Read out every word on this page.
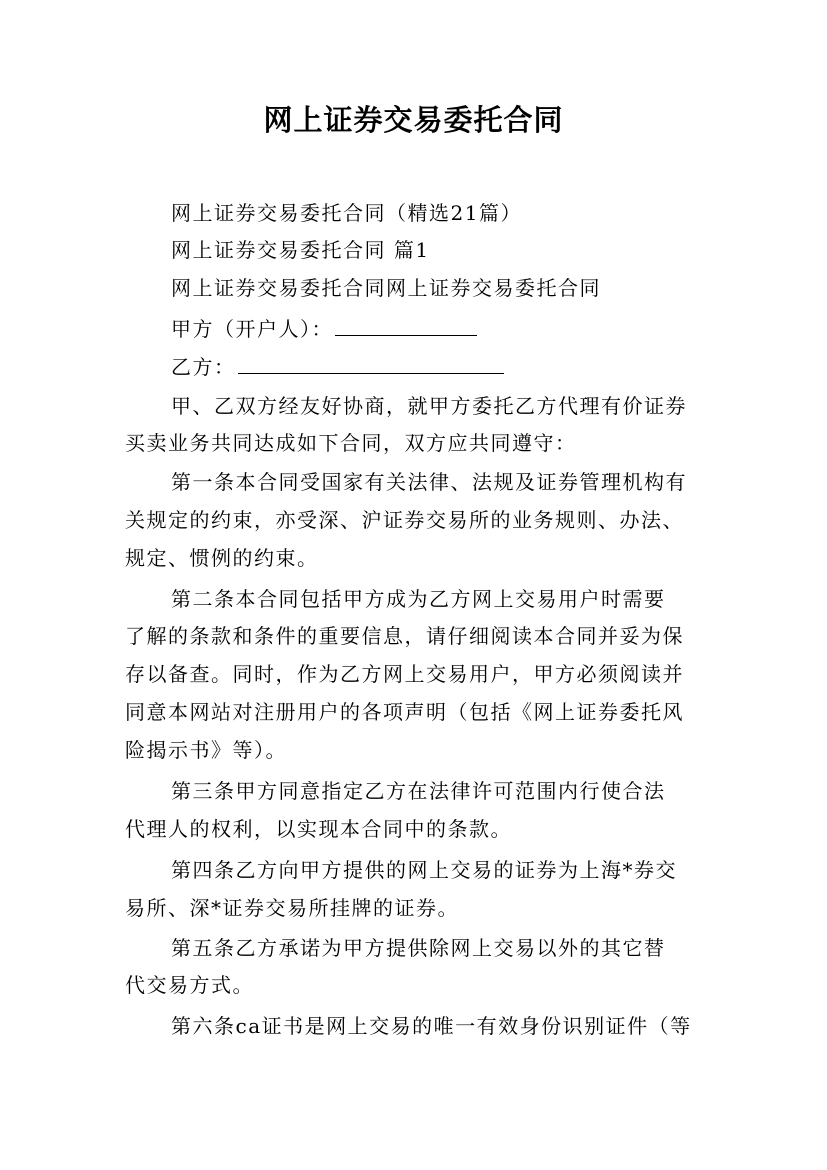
网上证券交易委托合同
网上证券交易委托合同（精选21篇）
网上证券交易委托合同 篇1
网上证券交易委托合同网上证券交易委托合同
甲方（开户人）：
乙方：
甲、乙双方经友好协商，就甲方委托乙方代理有价证券
买卖业务共同达成如下合同，双方应共同遵守：
第一条本合同受国家有关法律、法规及证券管理机构有
关规定的约束，亦受深、沪证券交易所的业务规则、办法、
规定、惯例的约束。
第二条本合同包括甲方成为乙方网上交易用户时需要
了解的条款和条件的重要信息，请仔细阅读本合同并妥为保
存以备查。同时，作为乙方网上交易用户，甲方必须阅读并
同意本网站对注册用户的各项声明（包括《网上证券委托风
险揭示书》等）。
第三条甲方同意指定乙方在法律许可范围内行使合法
代理人的权利，以实现本合同中的条款。
第四条乙方向甲方提供的网上交易的证券为上海*券交
易所、深*证券交易所挂牌的证券。
第五条乙方承诺为甲方提供除网上交易以外的其它替
代交易方式。
第六条ca证书是网上交易的唯一有效身份识别证件（等
